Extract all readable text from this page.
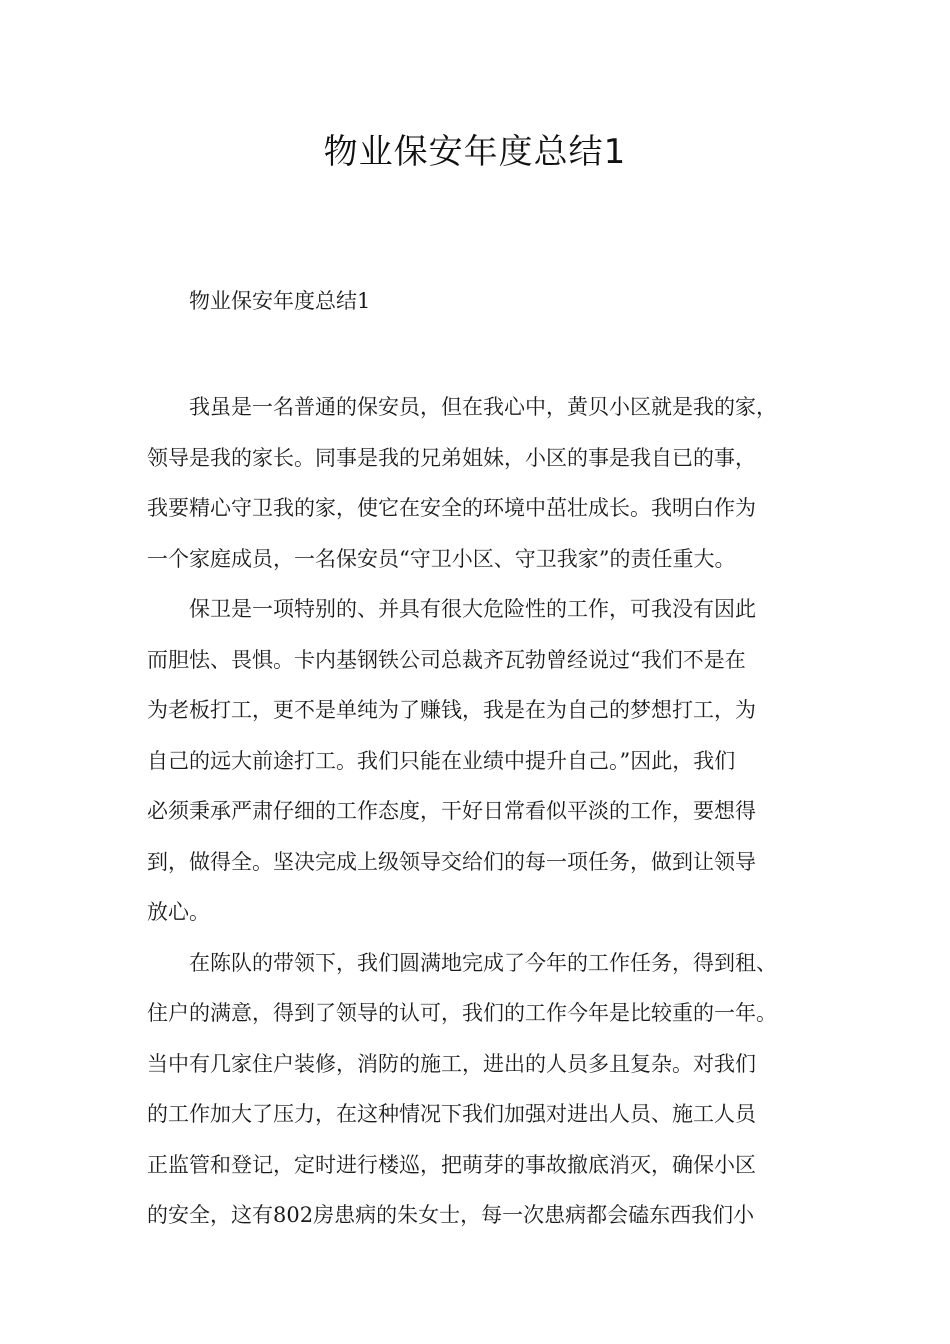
物业保安年度总结1

物业保安年度总结1

我虽是一名普通的保安员，但在我心中，黄贝小区就是我的家，
领导是我的家长。同事是我的兄弟姐妹，小区的事是我自已的事，
我要精心守卫我的家，使它在安全的环境中茁壮成长。我明白作为
一个家庭成员，一名保安员“守卫小区、守卫我家”的责任重大。

保卫是一项特别的、并具有很大危险性的工作，可我没有因此
而胆怯、畏惧。卡内基钢铁公司总裁齐瓦勃曾经说过“我们不是在
为老板打工，更不是单纯为了赚钱，我是在为自己的梦想打工，为
自己的远大前途打工。我们只能在业绩中提升自己。”因此，我们
必须秉承严肃仔细的工作态度，干好日常看似平淡的工作，要想得
到，做得全。坚决完成上级领导交给们的每一项任务，做到让领导
放心。

在陈队的带领下，我们圆满地完成了今年的工作任务，得到租、
住户的满意，得到了领导的认可，我们的工作今年是比较重的一年。
当中有几家住户装修，消防的施工，进出的人员多且复杂。对我们
的工作加大了压力，在这种情况下我们加强对进出人员、施工人员
正监管和登记，定时进行楼巡，把萌芽的事故撤底消灭，确保小区
的安全，这有802房患病的朱女士，每一次患病都会磕东西我们小
